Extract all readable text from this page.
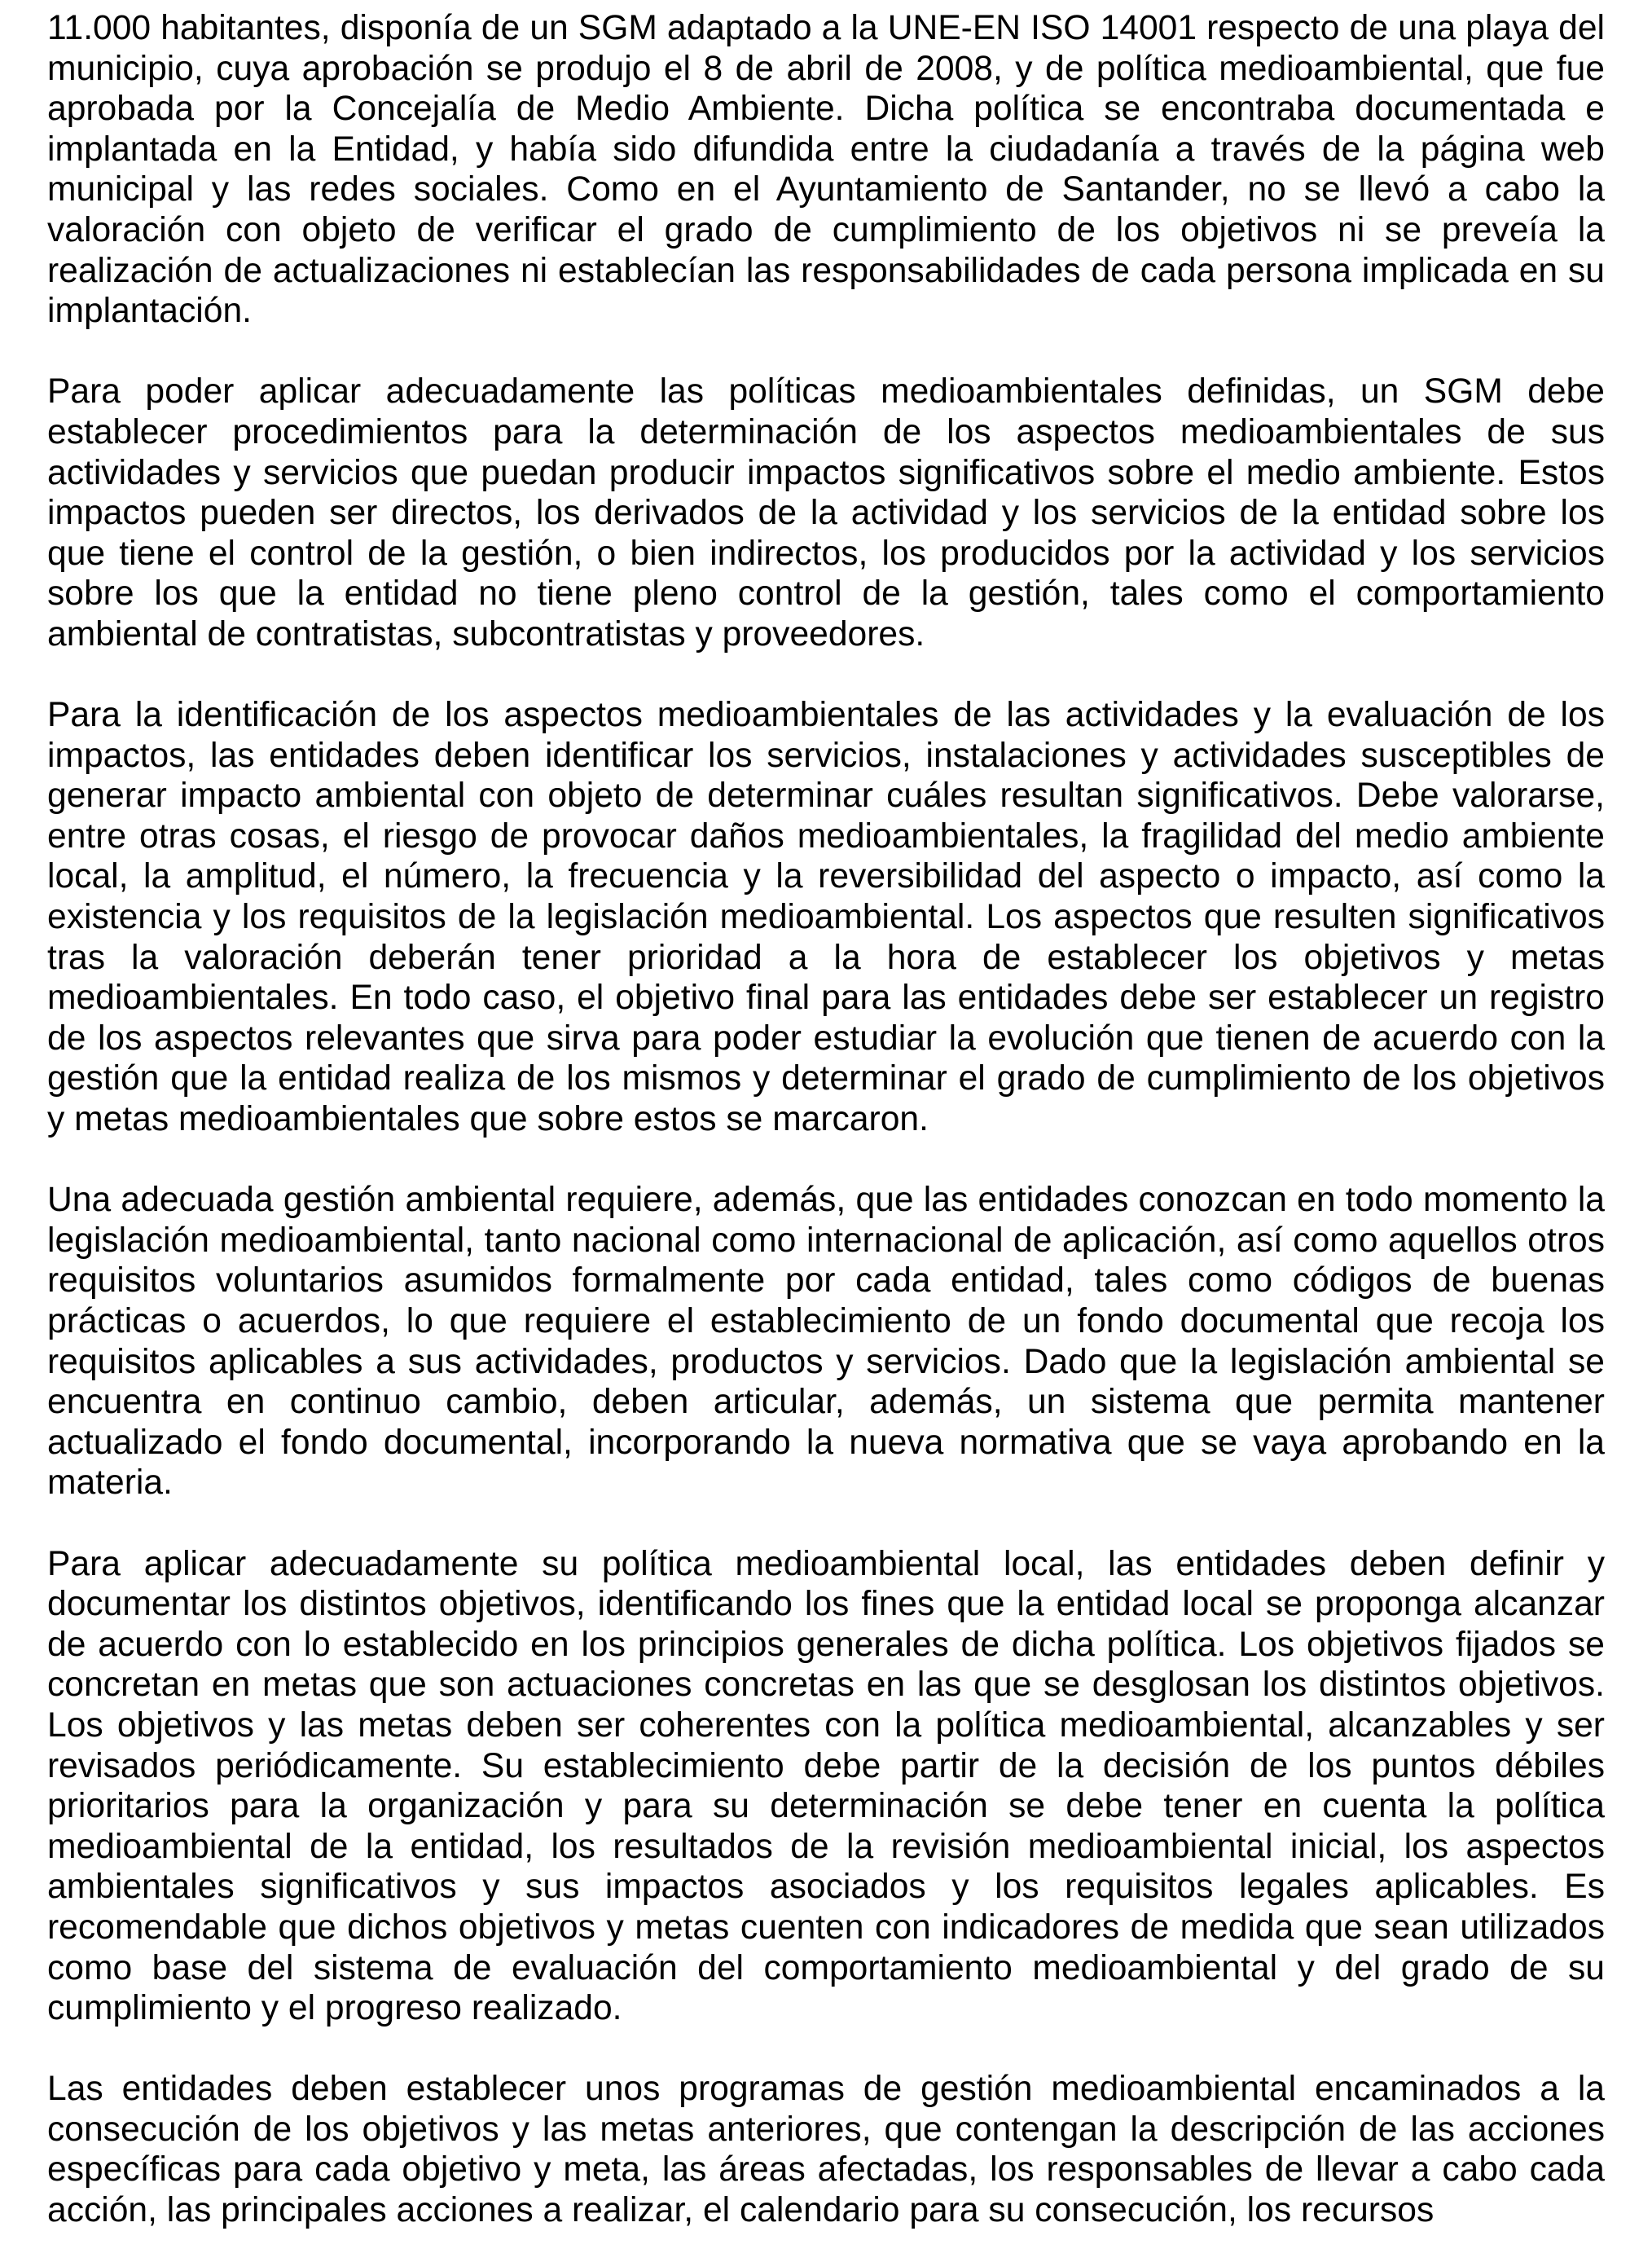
11.000 habitantes, disponía de un SGM adaptado a la UNE-EN ISO 14001 respecto de una playa del municipio, cuya aprobación se produjo el 8 de abril de 2008, y de política medioambiental, que fue aprobada por la Concejalía de Medio Ambiente. Dicha política se encontraba documentada e implantada en la Entidad, y había sido difundida entre la ciudadanía a través de la página web municipal y las redes sociales. Como en el Ayuntamiento de Santander, no se llevó a cabo la valoración con objeto de verificar el grado de cumplimiento de los objetivos ni se preveía la realización de actualizaciones ni establecían las responsabilidades de cada persona implicada en su implantación.

Para poder aplicar adecuadamente las políticas medioambientales definidas, un SGM debe establecer procedimientos para la determinación de los aspectos medioambientales de sus actividades y servicios que puedan producir impactos significativos sobre el medio ambiente. Estos impactos pueden ser directos, los derivados de la actividad y los servicios de la entidad sobre los que tiene el control de la gestión, o bien indirectos, los producidos por la actividad y los servicios sobre los que la entidad no tiene pleno control de la gestión, tales como el comportamiento ambiental de contratistas, subcontratistas y proveedores.

Para la identificación de los aspectos medioambientales de las actividades y la evaluación de los impactos, las entidades deben identificar los servicios, instalaciones y actividades susceptibles de generar impacto ambiental con objeto de determinar cuáles resultan significativos. Debe valorarse, entre otras cosas, el riesgo de provocar daños medioambientales, la fragilidad del medio ambiente local, la amplitud, el número, la frecuencia y la reversibilidad del aspecto o impacto, así como la existencia y los requisitos de la legislación medioambiental. Los aspectos que resulten significativos tras la valoración deberán tener prioridad a la hora de establecer los objetivos y metas medioambientales. En todo caso, el objetivo final para las entidades debe ser establecer un registro de los aspectos relevantes que sirva para poder estudiar la evolución que tienen de acuerdo con la gestión que la entidad realiza de los mismos y determinar el grado de cumplimiento de los objetivos y metas medioambientales que sobre estos se marcaron.

Una adecuada gestión ambiental requiere, además, que las entidades conozcan en todo momento la legislación medioambiental, tanto nacional como internacional de aplicación, así como aquellos otros requisitos voluntarios asumidos formalmente por cada entidad, tales como códigos de buenas prácticas o acuerdos, lo que requiere el establecimiento de un fondo documental que recoja los requisitos aplicables a sus actividades, productos y servicios. Dado que la legislación ambiental se encuentra en continuo cambio, deben articular, además, un sistema que permita mantener actualizado el fondo documental, incorporando la nueva normativa que se vaya aprobando en la materia.

Para aplicar adecuadamente su política medioambiental local, las entidades deben definir y documentar los distintos objetivos, identificando los fines que la entidad local se proponga alcanzar de acuerdo con lo establecido en los principios generales de dicha política. Los objetivos fijados se concretan en metas que son actuaciones concretas en las que se desglosan los distintos objetivos. Los objetivos y las metas deben ser coherentes con la política medioambiental, alcanzables y ser revisados periódicamente. Su establecimiento debe partir de la decisión de los puntos débiles prioritarios para la organización y para su determinación se debe tener en cuenta la política medioambiental de la entidad, los resultados de la revisión medioambiental inicial, los aspectos ambientales significativos y sus impactos asociados y los requisitos legales aplicables. Es recomendable que dichos objetivos y metas cuenten con indicadores de medida que sean utilizados como base del sistema de evaluación del comportamiento medioambiental y del grado de su cumplimiento y el progreso realizado.

Las entidades deben establecer unos programas de gestión medioambiental encaminados a la consecución de los objetivos y las metas anteriores, que contengan la descripción de las acciones específicas para cada objetivo y meta, las áreas afectadas, los responsables de llevar a cabo cada acción, las principales acciones a realizar, el calendario para su consecución, los recursos
